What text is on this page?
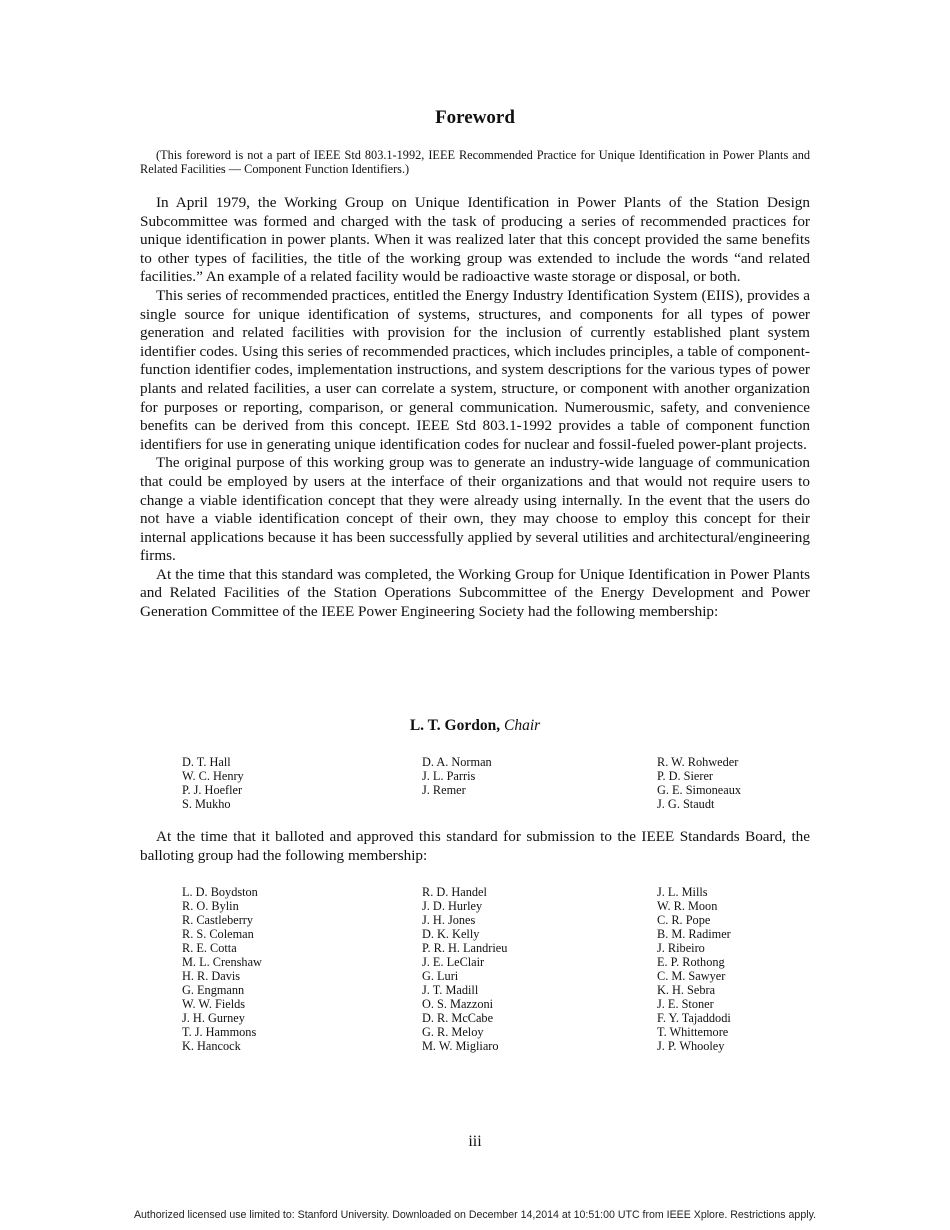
Foreword
(This foreword is not a part of IEEE Std 803.1-1992, IEEE Recommended Practice for Unique Identification in Power Plants and Related Facilities — Component Function Identifiers.)

In April 1979, the Working Group on Unique Identification in Power Plants of the Station Design Subcommittee was formed and charged with the task of producing a series of recommended practices for unique identification in power plants. When it was realized later that this concept provided the same benefits to other types of facilities, the title of the working group was extended to include the words “and related facilities.” An example of a related facility would be radioactive waste storage or disposal, or both.

This series of recommended practices, entitled the Energy Industry Identification System (EIIS), provides a single source for unique identification of systems, structures, and components for all types of power generation and related facilities with provision for the inclusion of currently established plant system identifier codes. Using this series of recommended practices, which includes principles, a table of component-function identifier codes, implementation instructions, and system descriptions for the various types of power plants and related facilities, a user can correlate a system, structure, or component with another organization for purposes or reporting, comparison, or general communication. Numerousmic, safety, and convenience benefits can be derived from this concept. IEEE Std 803.1-1992 provides a table of component function identifiers for use in generating unique identification codes for nuclear and fossil-fueled power-plant projects.

The original purpose of this working group was to generate an industry-wide language of communication that could be employed by users at the interface of their organizations and that would not require users to change a viable identification concept that they were already using internally. In the event that the users do not have a viable identification concept of their own, they may choose to employ this concept for their internal applications because it has been successfully applied by several utilities and architectural/engineering firms.

At the time that this standard was completed, the Working Group for Unique Identification in Power Plants and Related Facilities of the Station Operations Subcommittee of the Energy Development and Power Generation Committee of the IEEE Power Engineering Society had the following membership:

L. T. Gordon, Chair
D. T. Hall
W. C. Henry
P. J. Hoefler
S. Mukho
D. A. Norman
J. L. Parris
J. Remer
R. W. Rohweder
P. D. Sierer
G. E. Simoneaux
J. G. Staudt

At the time that it balloted and approved this standard for submission to the IEEE Standards Board, the balloting group had the following membership:

L. D. Boydston
R. O. Bylin
R. Castleberry
R. S. Coleman
R. E. Cotta
M. L. Crenshaw
H. R. Davis
G. Engmann
W. W. Fields
J. H. Gurney
T. J. Hammons
K. Hancock
R. D. Handel
J. D. Hurley
J. H. Jones
D. K. Kelly
P. R. H. Landrieu
J. E. LeClair
G. Luri
J. T. Madill
O. S. Mazzoni
D. R. McCabe
G. R. Meloy
M. W. Migliaro
J. L. Mills
W. R. Moon
C. R. Pope
B. M. Radimer
J. Ribeiro
E. P. Rothong
C. M. Sawyer
K. H. Sebra
J. E. Stoner
F. Y. Tajaddodi
T. Whittemore
J. P. Whooley
iii
Authorized licensed use limited to: Stanford University. Downloaded on December 14,2014 at 10:51:00 UTC from IEEE Xplore. Restrictions apply.
